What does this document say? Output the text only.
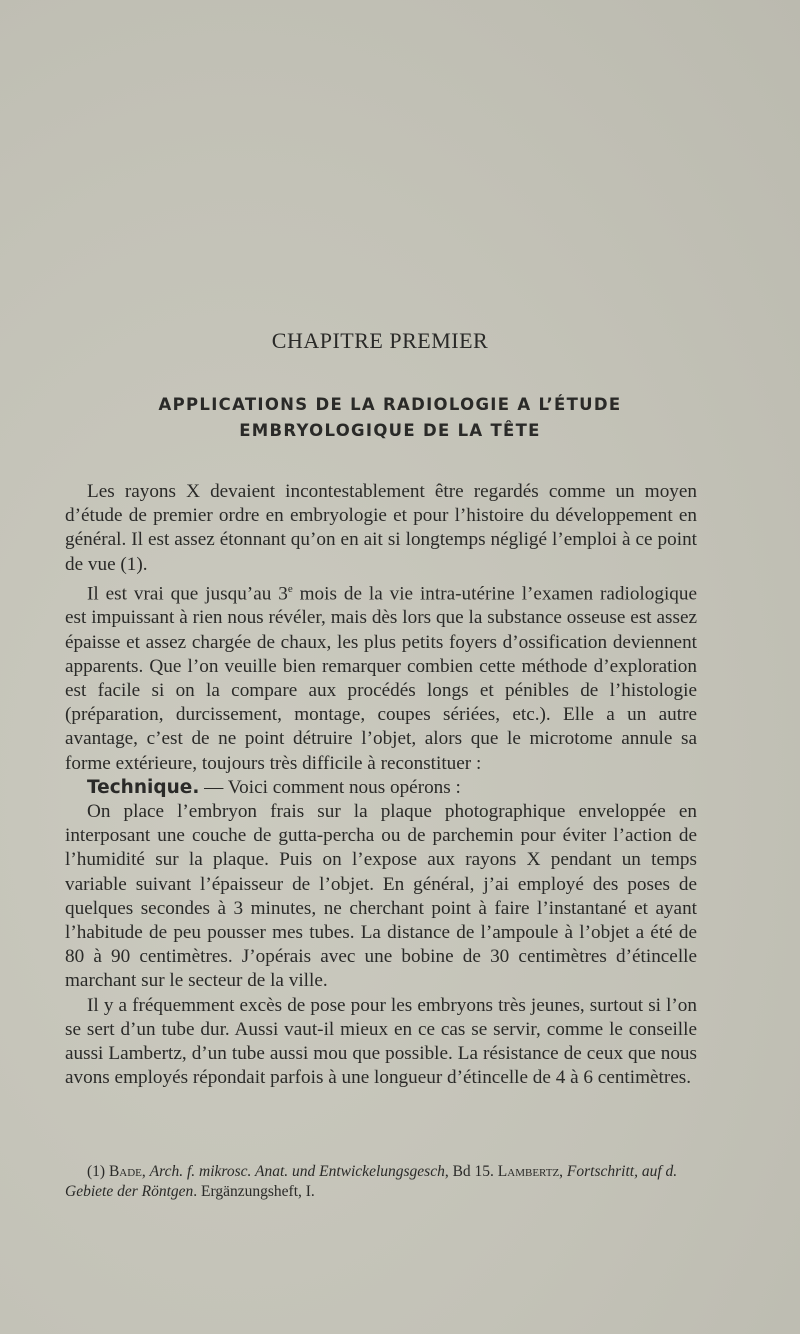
CHAPITRE PREMIER
APPLICATIONS DE LA RADIOLOGIE A L’ÉTUDE
EMBRYOLOGIQUE DE LA TÊTE

Les rayons X devaient incontestablement être regardés comme un moyen d’étude de premier ordre en embryologie et pour l’histoire du développement en général. Il est assez étonnant qu’on en ait si longtemps négligé l’emploi à ce point de vue (1).

Il est vrai que jusqu’au 3e mois de la vie intra-utérine l’examen radiologique est impuissant à rien nous révéler, mais dès lors que la substance osseuse est assez épaisse et assez chargée de chaux, les plus petits foyers d’ossification deviennent apparents. Que l’on veuille bien remarquer combien cette méthode d’exploration est facile si on la compare aux procédés longs et pénibles de l’histologie (préparation, durcissement, montage, coupes sériées, etc.). Elle a un autre avantage, c’est de ne point détruire l’objet, alors que le microtome annule sa forme extérieure, toujours très difficile à reconstituer :

Technique. — Voici comment nous opérons :

On place l’embryon frais sur la plaque photographique enveloppée en interposant une couche de gutta-percha ou de parchemin pour éviter l’action de l’humidité sur la plaque. Puis on l’expose aux rayons X pendant un temps variable suivant l’épaisseur de l’objet. En général, j’ai employé des poses de quelques secondes à 3 minutes, ne cherchant point à faire l’instantané et ayant l’habitude de peu pousser mes tubes. La distance de l’ampoule à l’objet a été de 80 à 90 centimètres. J’opérais avec une bobine de 30 centimètres d’étincelle marchant sur le secteur de la ville.

Il y a fréquemment excès de pose pour les embryons très jeunes, surtout si l’on se sert d’un tube dur. Aussi vaut-il mieux en ce cas se servir, comme le conseille aussi Lambertz, d’un tube aussi mou que possible. La résistance de ceux que nous avons employés répondait parfois à une longueur d’étincelle de 4 à 6 centimètres.

(1) Bade, Arch. f. mikrosc. Anat. und Entwickelungsgesch, Bd 15. Lambertz, Fortschritt, auf d. Gebiete der Röntgen. Ergänzungsheft, I.
